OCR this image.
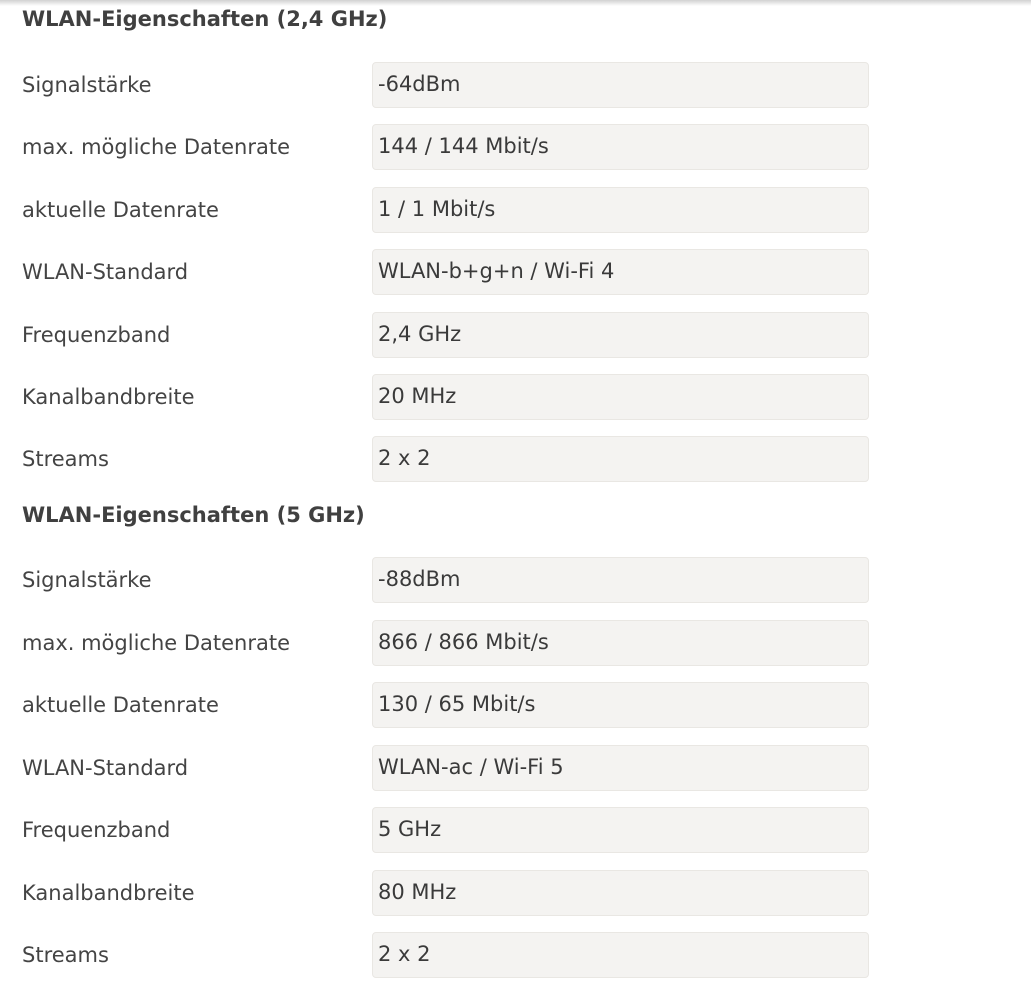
WLAN-Eigenschaften (2,4 GHz)
Signalstärke	-64dBm
max. mögliche Datenrate	144 / 144 Mbit/s
aktuelle Datenrate	1 / 1 Mbit/s
WLAN-Standard	WLAN-b+g+n / Wi-Fi 4
Frequenzband	2,4 GHz
Kanalbandbreite	20 MHz
Streams	2 x 2
WLAN-Eigenschaften (5 GHz)
Signalstärke	-88dBm
max. mögliche Datenrate	866 / 866 Mbit/s
aktuelle Datenrate	130 / 65 Mbit/s
WLAN-Standard	WLAN-ac / Wi-Fi 5
Frequenzband	5 GHz
Kanalbandbreite	80 MHz
Streams	2 x 2
